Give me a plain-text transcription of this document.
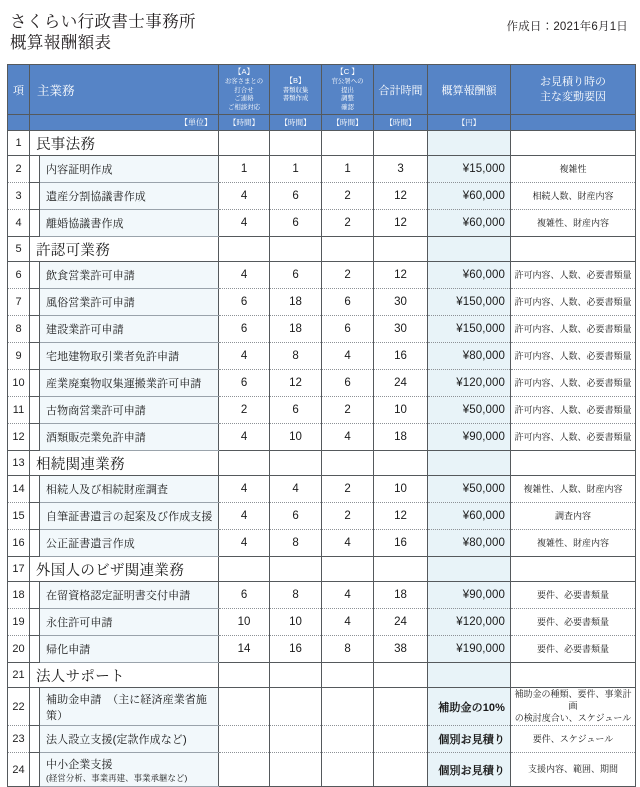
さくらい行政書士事務所
概算報酬額表
作成日：2021年6月1日
項	主業務		【A】
お客さまとの
打合せ
ご連絡
ご相談対応	【B】
書類収集
書類作成	【C 】
官公署への
提出
調整
確認	合計時間	概算報酬額	お見積り時の
主な変動要因
	【単位】		【時間】	【時間】	【時間】	【時間】	【円】	
1	民事法務							
2		内容証明作成	1	1	1	3	¥15,000	複雑性
3		遺産分割協議書作成	4	6	2	12	¥60,000	相続人数、財産内容
4		離婚協議書作成	4	6	2	12	¥60,000	複雑性、財産内容
5	許認可業務							
6		飲食営業許可申請	4	6	2	12	¥60,000	許可内容、人数、必要書類量
7		風俗営業許可申請	6	18	6	30	¥150,000	許可内容、人数、必要書類量
8		建設業許可申請	6	18	6	30	¥150,000	許可内容、人数、必要書類量
9		宅地建物取引業者免許申請	4	8	4	16	¥80,000	許可内容、人数、必要書類量
10		産業廃棄物収集運搬業許可申請	6	12	6	24	¥120,000	許可内容、人数、必要書類量
11		古物商営業許可申請	2	6	2	10	¥50,000	許可内容、人数、必要書類量
12		酒類販売業免許申請	4	10	4	18	¥90,000	許可内容、人数、必要書類量
13	相続関連業務							
14		相続人及び相続財産調査	4	4	2	10	¥50,000	複雑性、人数、財産内容
15		自筆証書遺言の起案及び作成支援	4	6	2	12	¥60,000	調査内容
16		公正証書遺言作成	4	8	4	16	¥80,000	複雑性、財産内容
17	外国人のビザ関連業務							
18		在留資格認定証明書交付申請	6	8	4	18	¥90,000	要件、必要書類量
19		永住許可申請	10	10	4	24	¥120,000	要件、必要書類量
20		帰化申請	14	16	8	38	¥190,000	要件、必要書類量
21	法人サポート							
22		補助金申請　（主に経済産業省施策）					補助金の10%	補助金の種類、要件、事業計画
の検討度合い、スケジュール
23		法人設立支援(定款作成など)					個別お見積り	要件、スケジュール
24		中小企業支援
(経営分析、事業再建、事業承継など)					個別お見積り	支援内容、範囲、期間
